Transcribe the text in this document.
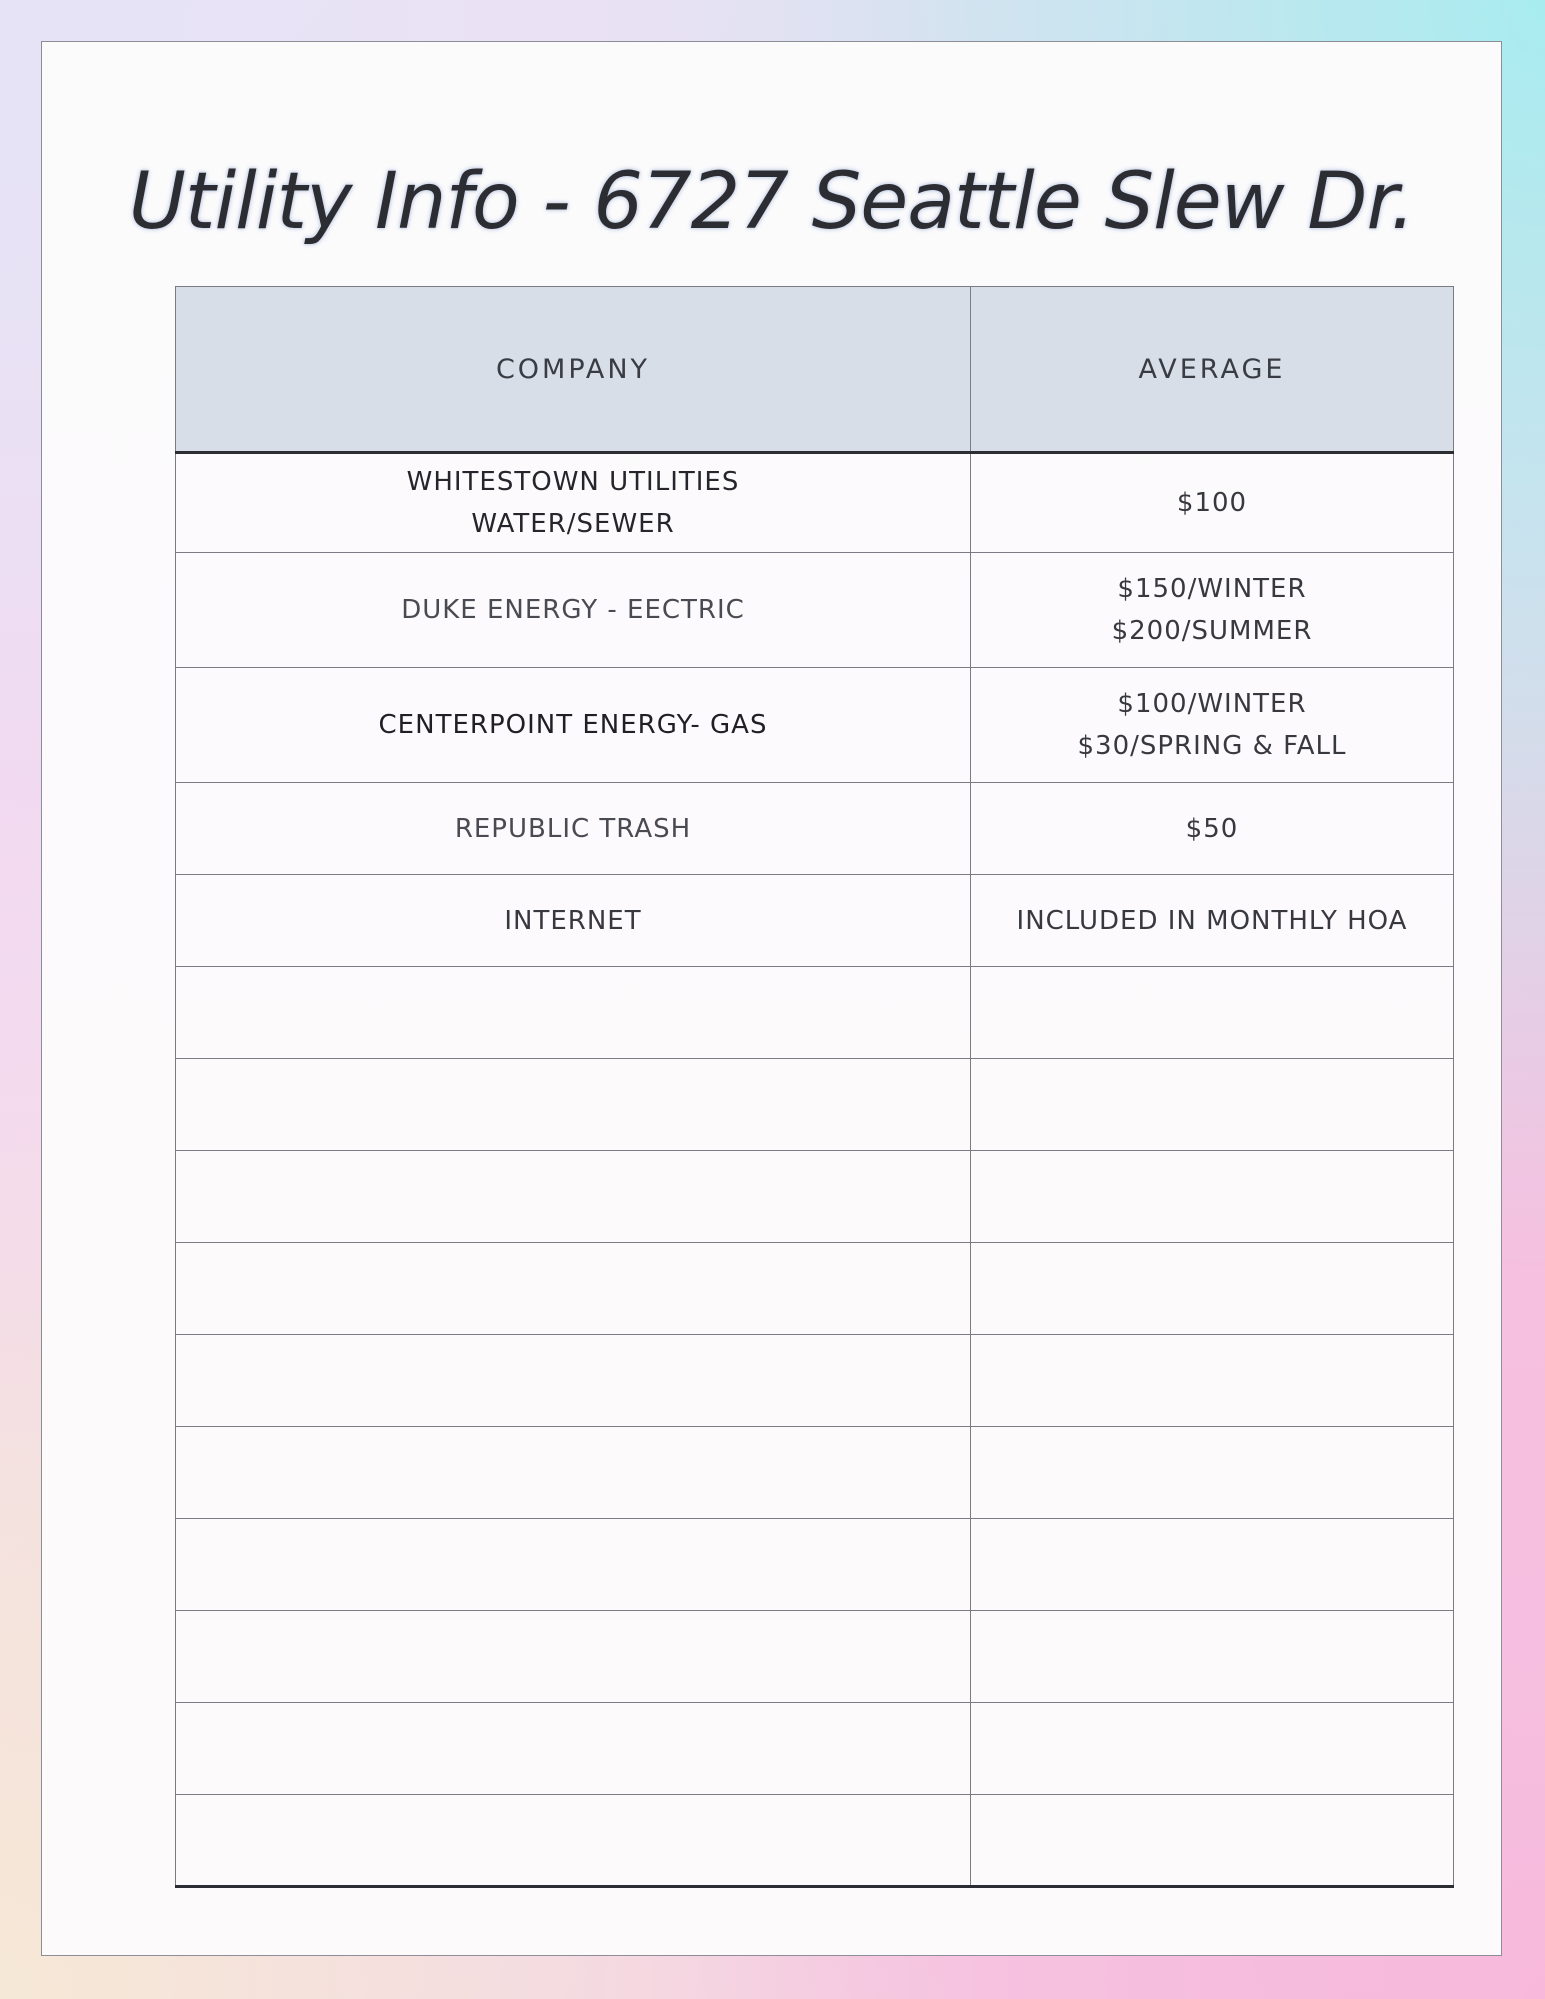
Utility Info - 6727 Seattle Slew Dr.
COMPANY	AVERAGE

WHITESTOWN UTILITIES
WATER/SEWER	$100

DUKE ENERGY - EECTRIC	$150/WINTER
$200/SUMMER

CENTERPOINT ENERGY- GAS	$100/WINTER
$30/SPRING & FALL

REPUBLIC TRASH	$50

INTERNET	INCLUDED IN MONTHLY HOA
